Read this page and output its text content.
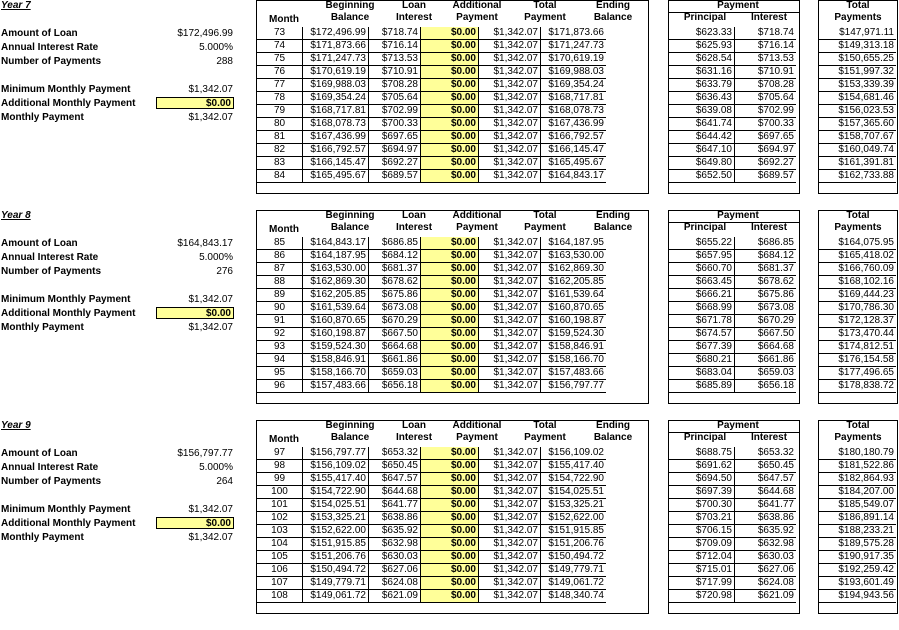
Year 7
Amount of Loan	$172,496.99
Annual Interest Rate	5.000%
Number of Payments	288
Minimum Monthly Payment	$1,342.07
Additional Monthly Payment	$0.00
Monthly Payment	$1,342.07
Month
Beginning
Balance
Loan
Interest
Additional
Payment
Total
Payment
Ending
Balance
Payment
Principal	Interest
Total
Payments
73	$172,496.99	$718.74	$0.00	$1,342.07	$171,873.66
74	$171,873.66	$716.14	$0.00	$1,342.07	$171,247.73
75	$171,247.73	$713.53	$0.00	$1,342.07	$170,619.19
76	$170,619.19	$710.91	$0.00	$1,342.07	$169,988.03
77	$169,988.03	$708.28	$0.00	$1,342.07	$169,354.24
78	$169,354.24	$705.64	$0.00	$1,342.07	$168,717.81
79	$168,717.81	$702.99	$0.00	$1,342.07	$168,078.73
80	$168,078.73	$700.33	$0.00	$1,342.07	$167,436.99
81	$167,436.99	$697.65	$0.00	$1,342.07	$166,792.57
82	$166,792.57	$694.97	$0.00	$1,342.07	$166,145.47
83	$166,145.47	$692.27	$0.00	$1,342.07	$165,495.67
84	$165,495.67	$689.57	$0.00	$1,342.07	$164,843.17
$623.33	$718.74
$625.93	$716.14
$628.54	$713.53
$631.16	$710.91
$633.79	$708.28
$636.43	$705.64
$639.08	$702.99
$641.74	$700.33
$644.42	$697.65
$647.10	$694.97
$649.80	$692.27
$652.50	$689.57
$147,971.11
$149,313.18
$150,655.25
$151,997.32
$153,339.39
$154,681.46
$156,023.53
$157,365.60
$158,707.67
$160,049.74
$161,391.81
$162,733.88
Year 8
Amount of Loan	$164,843.17
Annual Interest Rate	5.000%
Number of Payments	276
Minimum Monthly Payment	$1,342.07
Additional Monthly Payment	$0.00
Monthly Payment	$1,342.07
Month
Beginning
Balance
Loan
Interest
Additional
Payment
Total
Payment
Ending
Balance
Payment
Principal	Interest
Total
Payments
85	$164,843.17	$686.85	$0.00	$1,342.07	$164,187.95
86	$164,187.95	$684.12	$0.00	$1,342.07	$163,530.00
87	$163,530.00	$681.37	$0.00	$1,342.07	$162,869.30
88	$162,869.30	$678.62	$0.00	$1,342.07	$162,205.85
89	$162,205.85	$675.86	$0.00	$1,342.07	$161,539.64
90	$161,539.64	$673.08	$0.00	$1,342.07	$160,870.65
91	$160,870.65	$670.29	$0.00	$1,342.07	$160,198.87
92	$160,198.87	$667.50	$0.00	$1,342.07	$159,524.30
93	$159,524.30	$664.68	$0.00	$1,342.07	$158,846.91
94	$158,846.91	$661.86	$0.00	$1,342.07	$158,166.70
95	$158,166.70	$659.03	$0.00	$1,342.07	$157,483.66
96	$157,483.66	$656.18	$0.00	$1,342.07	$156,797.77
$655.22	$686.85
$657.95	$684.12
$660.70	$681.37
$663.45	$678.62
$666.21	$675.86
$668.99	$673.08
$671.78	$670.29
$674.57	$667.50
$677.39	$664.68
$680.21	$661.86
$683.04	$659.03
$685.89	$656.18
$164,075.95
$165,418.02
$166,760.09
$168,102.16
$169,444.23
$170,786.30
$172,128.37
$173,470.44
$174,812.51
$176,154.58
$177,496.65
$178,838.72
Year 9
Amount of Loan	$156,797.77
Annual Interest Rate	5.000%
Number of Payments	264
Minimum Monthly Payment	$1,342.07
Additional Monthly Payment	$0.00
Monthly Payment	$1,342.07
Month
Beginning
Balance
Loan
Interest
Additional
Payment
Total
Payment
Ending
Balance
Payment
Principal	Interest
Total
Payments
97	$156,797.77	$653.32	$0.00	$1,342.07	$156,109.02
98	$156,109.02	$650.45	$0.00	$1,342.07	$155,417.40
99	$155,417.40	$647.57	$0.00	$1,342.07	$154,722.90
100	$154,722.90	$644.68	$0.00	$1,342.07	$154,025.51
101	$154,025.51	$641.77	$0.00	$1,342.07	$153,325.21
102	$153,325.21	$638.86	$0.00	$1,342.07	$152,622.00
103	$152,622.00	$635.92	$0.00	$1,342.07	$151,915.85
104	$151,915.85	$632.98	$0.00	$1,342.07	$151,206.76
105	$151,206.76	$630.03	$0.00	$1,342.07	$150,494.72
106	$150,494.72	$627.06	$0.00	$1,342.07	$149,779.71
107	$149,779.71	$624.08	$0.00	$1,342.07	$149,061.72
108	$149,061.72	$621.09	$0.00	$1,342.07	$148,340.74
$688.75	$653.32
$691.62	$650.45
$694.50	$647.57
$697.39	$644.68
$700.30	$641.77
$703.21	$638.86
$706.15	$635.92
$709.09	$632.98
$712.04	$630.03
$715.01	$627.06
$717.99	$624.08
$720.98	$621.09
$180,180.79
$181,522.86
$182,864.93
$184,207.00
$185,549.07
$186,891.14
$188,233.21
$189,575.28
$190,917.35
$192,259.42
$193,601.49
$194,943.56
